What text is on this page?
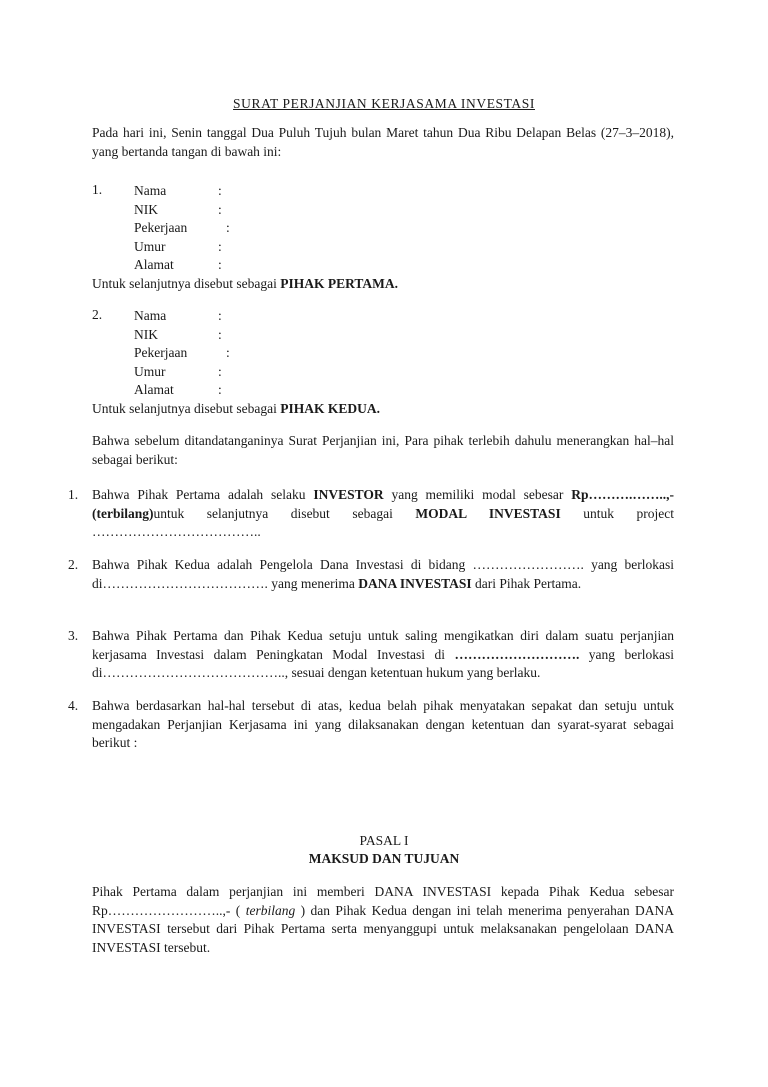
SURAT PERJANJIAN KERJASAMA INVESTASI

Pada hari ini, Senin tanggal Dua Puluh Tujuh bulan Maret tahun Dua Ribu Delapan Belas (27–3–2018), yang bertanda tangan di bawah ini:

1. Nama	:
NIK	:
Pekerjaan	:
Umur	:
Alamat	:
Untuk selanjutnya disebut sebagai PIHAK PERTAMA.
2. Nama	:
NIK	:
Pekerjaan	:
Umur	:
Alamat	:
Untuk selanjutnya disebut sebagai PIHAK KEDUA.

Bahwa sebelum ditandatanganinya Surat Perjanjian ini, Para pihak terlebih dahulu menerangkan hal–hal sebagai berikut:

1. Bahwa Pihak Pertama adalah selaku INVESTOR yang memiliki modal sebesar Rp……….……..,- (terbilang)untuk selanjutnya disebut sebagai MODAL INVESTASI untuk project ………………………………..
2. Bahwa Pihak Kedua adalah Pengelola Dana Investasi di bidang ……………………. yang berlokasi di………………………………. yang menerima DANA INVESTASI dari Pihak Pertama.
3. Bahwa Pihak Pertama dan Pihak Kedua setuju untuk saling mengikatkan diri dalam suatu perjanjian kerjasama Investasi dalam Peningkatan Modal Investasi di ………………………. yang berlokasi di………………………………….., sesuai dengan ketentuan hukum yang berlaku.
4. Bahwa berdasarkan hal-hal tersebut di atas, kedua belah pihak menyatakan sepakat dan setuju untuk mengadakan Perjanjian Kerjasama ini yang dilaksanakan dengan ketentuan dan syarat-syarat sebagai berikut :
PASAL I
MAKSUD DAN TUJUAN

Pihak Pertama dalam perjanjian ini memberi DANA INVESTASI kepada Pihak Kedua sebesar Rp……………………..,- ( terbilang ) dan Pihak Kedua dengan ini telah menerima penyerahan DANA INVESTASI tersebut dari Pihak Pertama serta menyanggupi untuk melaksanakan pengelolaan DANA INVESTASI tersebut.
